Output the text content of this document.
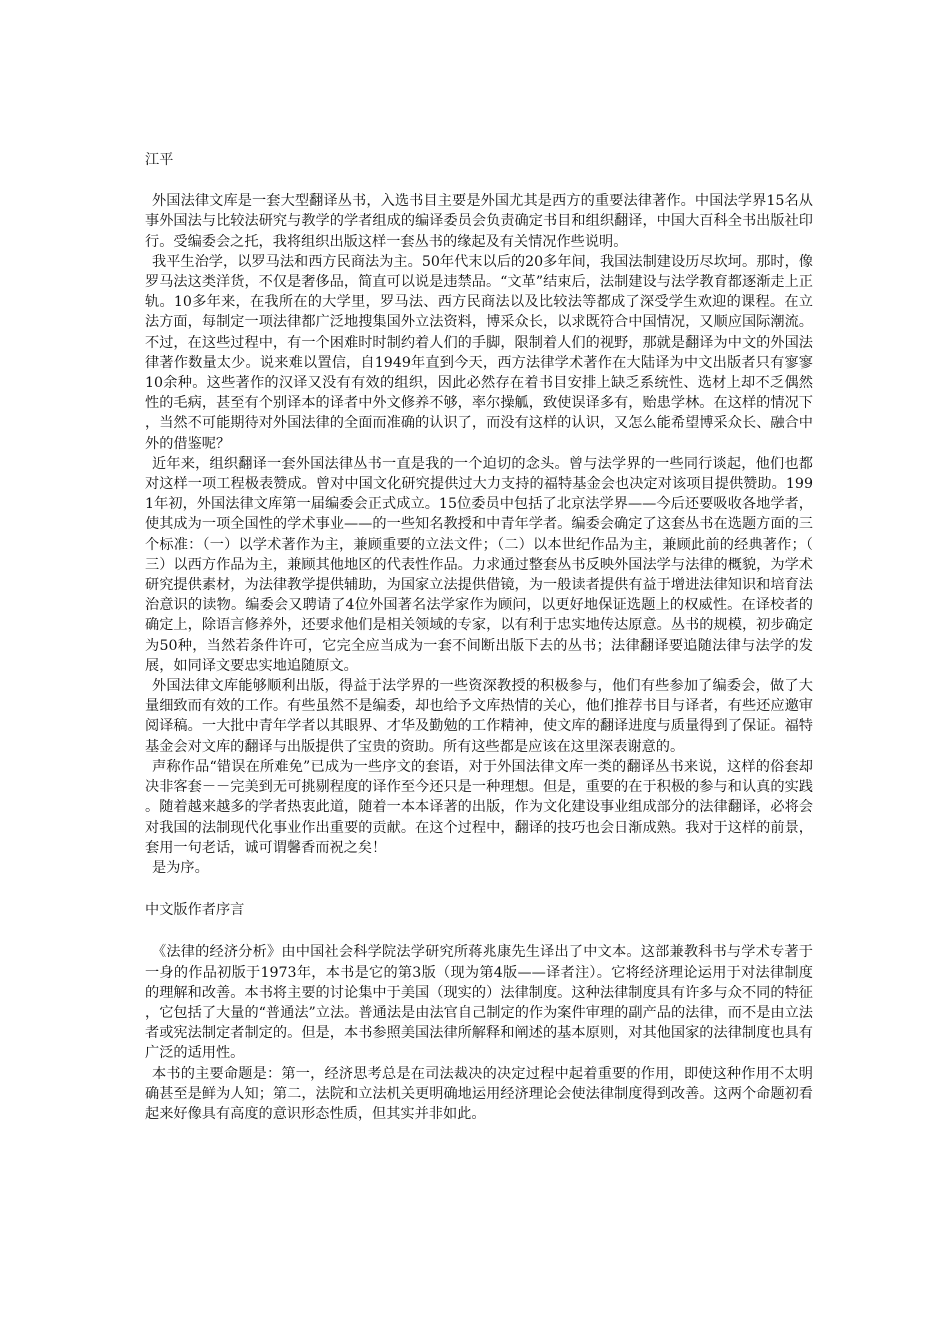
江平

外国法律文库是一套大型翻译丛书，入选书目主要是外国尤其是西方的重要法律著作。中国法学界15名从事外国法与比较法研究与教学的学者组成的编译委员会负责确定书目和组织翻译，中国大百科全书出版社印行。受编委会之托，我将组织出版这样一套丛书的缘起及有关情况作些说明。

我平生治学，以罗马法和西方民商法为主。50年代末以后的20多年间，我国法制建设历尽坎坷。那时，像罗马法这类洋货，不仅是奢侈品，简直可以说是违禁品。“文革”结束后，法制建设与法学教育都逐渐走上正轨。10多年来，在我所在的大学里，罗马法、西方民商法以及比较法等都成了深受学生欢迎的课程。在立法方面，每制定一项法律都广泛地搜集国外立法资料，博采众长，以求既符合中国情况，又顺应国际潮流。不过，在这些过程中，有一个困难时时制约着人们的手脚，限制着人们的视野，那就是翻译为中文的外国法律著作数量太少。说来难以置信，自1949年直到今天，西方法律学术著作在大陆译为中文出版者只有寥寥10余种。这些著作的汉译又没有有效的组织，因此必然存在着书目安排上缺乏系统性、选材上却不乏偶然性的毛病，甚至有个别译本的译者中外文修养不够，率尔操觚，致使误译多有，贻患学林。在这样的情况下，当然不可能期待对外国法律的全面而准确的认识了，而没有这样的认识，又怎么能希望博采众长、融合中外的借鉴呢？

近年来，组织翻译一套外国法律丛书一直是我的一个迫切的念头。曾与法学界的一些同行谈起，他们也都对这样一项工程极表赞成。曾对中国文化研究提供过大力支持的福特基金会也决定对该项目提供赞助。1991年初，外国法律文库第一届编委会正式成立。15位委员中包括了北京法学界——今后还要吸收各地学者，使其成为一项全国性的学术事业——的一些知名教授和中青年学者。编委会确定了这套丛书在选题方面的三个标准：（一）以学术著作为主，兼顾重要的立法文件；（二）以本世纪作品为主，兼顾此前的经典著作；（三）以西方作品为主，兼顾其他地区的代表性作品。力求通过整套丛书反映外国法学与法律的概貌，为学术研究提供素材，为法律教学提供辅助，为国家立法提供借镜，为一般读者提供有益于增进法律知识和培育法治意识的读物。编委会又聘请了4位外国著名法学家作为顾问，以更好地保证选题上的权威性。在译校者的确定上，除语言修养外，还要求他们是相关领域的专家，以有利于忠实地传达原意。丛书的规模，初步确定为50种，当然若条件许可，它完全应当成为一套不间断出版下去的丛书；法律翻译要追随法律与法学的发展，如同译文要忠实地追随原文。

外国法律文库能够顺利出版，得益于法学界的一些资深教授的积极参与，他们有些参加了编委会，做了大量细致而有效的工作。有些虽然不是编委，却也给予文库热情的关心，他们推荐书目与译者，有些还应邀审阅译稿。一大批中青年学者以其眼界、才华及勤勉的工作精神，使文库的翻译进度与质量得到了保证。福特基金会对文库的翻译与出版提供了宝贵的资助。所有这些都是应该在这里深表谢意的。

声称作品“错误在所难免”已成为一些序文的套语，对于外国法律文库一类的翻译丛书来说，这样的俗套却决非客套－－完美到无可挑剔程度的译作至今还只是一种理想。但是，重要的在于积极的参与和认真的实践。随着越来越多的学者热衷此道，随着一本本译著的出版，作为文化建设事业组成部分的法律翻译，必将会对我国的法制现代化事业作出重要的贡献。在这个过程中，翻译的技巧也会日渐成熟。我对于这样的前景，套用一句老话，诚可谓馨香而祝之矣！

是为序。

中文版作者序言

《法律的经济分析》由中国社会科学院法学研究所蒋兆康先生译出了中文本。这部兼教科书与学术专著于一身的作品初版于1973年，本书是它的第3版（现为第4版——译者注）。它将经济理论运用于对法律制度的理解和改善。本书将主要的讨论集中于美国（现实的）法律制度。这种法律制度具有许多与众不同的特征，它包括了大量的“普通法”立法。普通法是由法官自己制定的作为案件审理的副产品的法律，而不是由立法者或宪法制定者制定的。但是，本书参照美国法律所解释和阐述的基本原则，对其他国家的法律制度也具有广泛的适用性。

本书的主要命题是：第一，经济思考总是在司法裁决的决定过程中起着重要的作用，即使这种作用不太明确甚至是鲜为人知；第二，法院和立法机关更明确地运用经济理论会使法律制度得到改善。这两个命题初看起来好像具有高度的意识形态性质，但其实并非如此。
